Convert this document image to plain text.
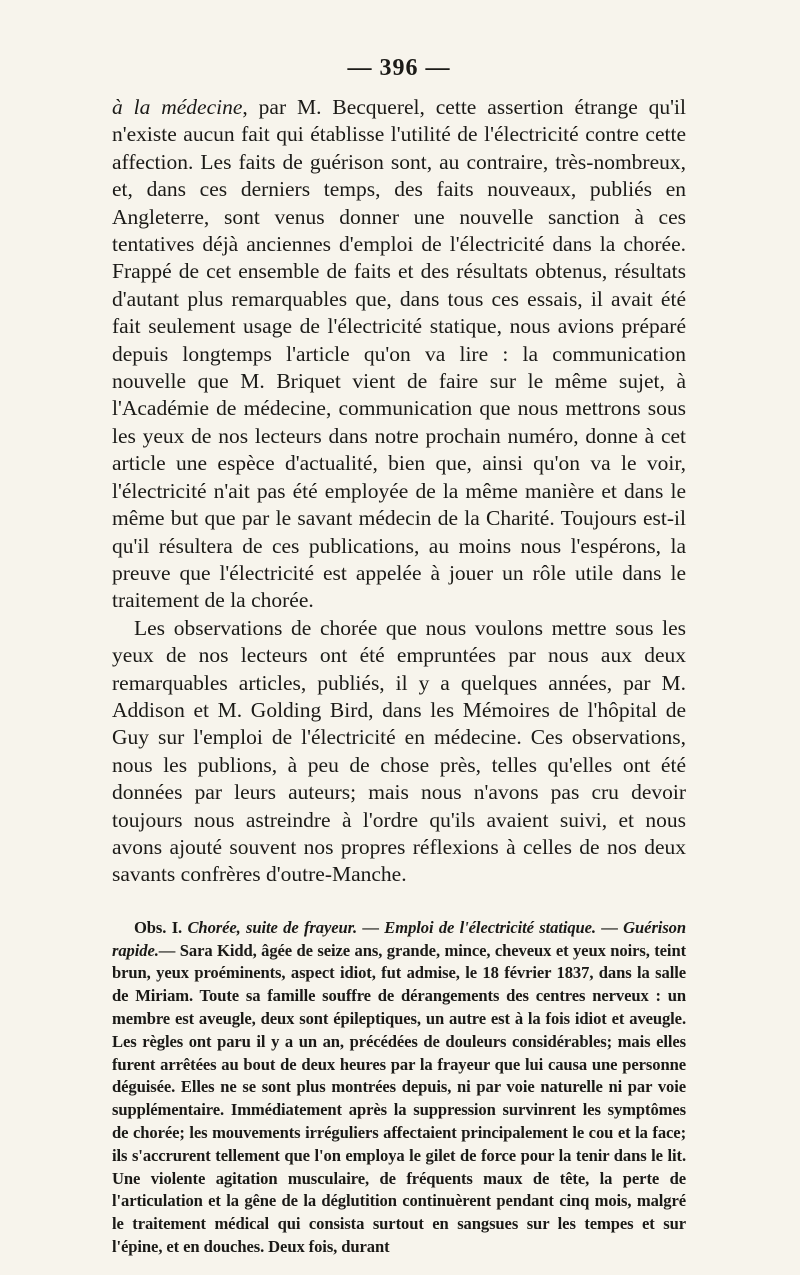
— 396 —

à la médecine, par M. Becquerel, cette assertion étrange qu'il n'existe aucun fait qui établisse l'utilité de l'électricité contre cette affection. Les faits de guérison sont, au contraire, très-nombreux, et, dans ces derniers temps, des faits nouveaux, publiés en Angleterre, sont venus donner une nouvelle sanction à ces tentatives déjà anciennes d'emploi de l'électricité dans la chorée. Frappé de cet ensemble de faits et des résultats obtenus, résultats d'autant plus remarquables que, dans tous ces essais, il avait été fait seulement usage de l'électricité statique, nous avions préparé depuis longtemps l'article qu'on va lire : la communication nouvelle que M. Briquet vient de faire sur le même sujet, à l'Académie de médecine, communication que nous mettrons sous les yeux de nos lecteurs dans notre prochain numéro, donne à cet article une espèce d'actualité, bien que, ainsi qu'on va le voir, l'électricité n'ait pas été employée de la même manière et dans le même but que par le savant médecin de la Charité. Toujours est-il qu'il résultera de ces publications, au moins nous l'espérons, la preuve que l'électricité est appelée à jouer un rôle utile dans le traitement de la chorée.

Les observations de chorée que nous voulons mettre sous les yeux de nos lecteurs ont été empruntées par nous aux deux remarquables articles, publiés, il y a quelques années, par M. Addison et M. Golding Bird, dans les Mémoires de l'hôpital de Guy sur l'emploi de l'électricité en médecine. Ces observations, nous les publions, à peu de chose près, telles qu'elles ont été données par leurs auteurs; mais nous n'avons pas cru devoir toujours nous astreindre à l'ordre qu'ils avaient suivi, et nous avons ajouté souvent nos propres réflexions à celles de nos deux savants confrères d'outre-Manche.

Obs. I. Chorée, suite de frayeur. — Emploi de l'électricité statique. — Guérison rapide.— Sara Kidd, âgée de seize ans, grande, mince, cheveux et yeux noirs, teint brun, yeux proéminents, aspect idiot, fut admise, le 18 février 1837, dans la salle de Miriam. Toute sa famille souffre de dérangements des centres nerveux : un membre est aveugle, deux sont épileptiques, un autre est à la fois idiot et aveugle. Les règles ont paru il y a un an, précédées de douleurs considérables; mais elles furent arrêtées au bout de deux heures par la frayeur que lui causa une personne déguisée. Elles ne se sont plus montrées depuis, ni par voie naturelle ni par voie supplémentaire. Immédiatement après la suppression survinrent les symptômes de chorée; les mouvements irréguliers affectaient principalement le cou et la face; ils s'accrurent tellement que l'on employa le gilet de force pour la tenir dans le lit. Une violente agitation musculaire, de fréquents maux de tête, la perte de l'articulation et la gêne de la déglutition continuèrent pendant cinq mois, malgré le traitement médical qui consista surtout en sangsues sur les tempes et sur l'épine, et en douches. Deux fois, durant
